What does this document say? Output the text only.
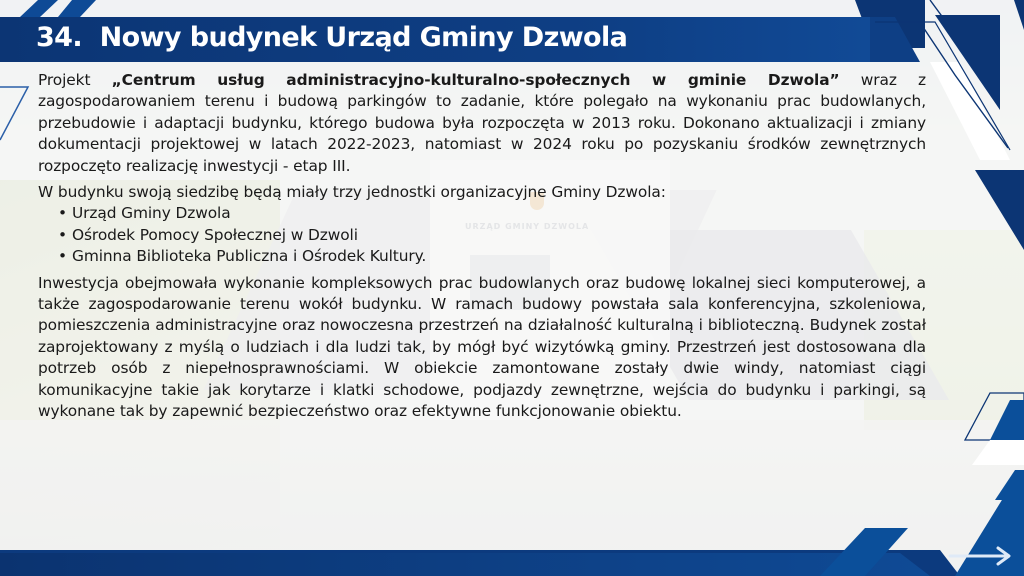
34. Nowy budynek Urząd Gminy Dzwola

Projekt „Centrum usług administracyjno-kulturalno-społecznych w gminie Dzwola” wraz z zagospodarowaniem terenu i budową parkingów to zadanie, które polegało na wykonaniu prac budowlanych, przebudowie i adaptacji budynku, którego budowa była rozpoczęta w 2013 roku. Dokonano aktualizacji i zmiany dokumentacji projektowej w latach 2022-2023, natomiast w 2024 roku po pozyskaniu środków zewnętrznych rozpoczęto realizację inwestycji - etap III.

W budynku swoją siedzibę będą miały trzy jednostki organizacyjne Gminy Dzwola:

• Urząd Gminy Dzwola
• Ośrodek Pomocy Społecznej w Dzwoli
• Gminna Biblioteka Publiczna i Ośrodek Kultury.

Inwestycja obejmowała wykonanie kompleksowych prac budowlanych oraz budowę lokalnej sieci komputerowej, a także zagospodarowanie terenu wokół budynku. W ramach budowy powstała sala konferencyjna, szkoleniowa, pomieszczenia administracyjne oraz nowoczesna przestrzeń na działalność kulturalną i biblioteczną. Budynek został zaprojektowany z myślą o ludziach i dla ludzi tak, by mógł być wizytówką gminy. Przestrzeń jest dostosowana dla potrzeb osób z niepełnosprawnościami. W obiekcie zamontowane zostały dwie windy, natomiast ciągi komunikacyjne takie jak korytarze i klatki schodowe, podjazdy zewnętrzne, wejścia do budynku i parkingi, są wykonane tak by zapewnić bezpieczeństwo oraz efektywne funkcjonowanie obiektu.
